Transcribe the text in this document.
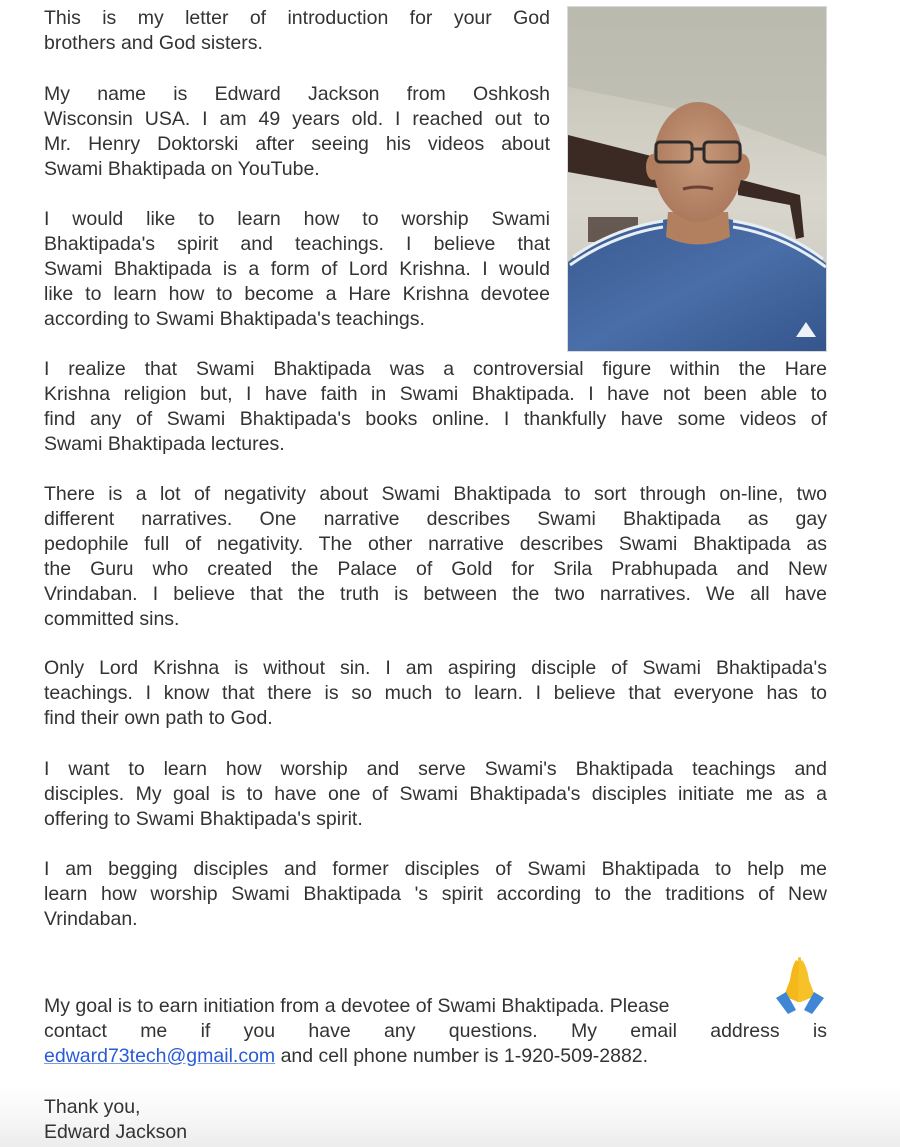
This is my letter of introduction for your God
brothers and God sisters.
My name is Edward Jackson from Oshkosh
Wisconsin USA. I am 49 years old. I reached out to
Mr. Henry Doktorski after seeing his videos about
Swami Bhaktipada on YouTube.
I would like to learn how to worship Swami
Bhaktipada's spirit and teachings. I believe that
Swami Bhaktipada is a form of Lord Krishna. I would
like to learn how to become a Hare Krishna devotee
according to Swami Bhaktipada's teachings.
I realize that Swami Bhaktipada was a controversial figure within the Hare
Krishna religion but, I have faith in Swami Bhaktipada. I have not been able to
find any of Swami Bhaktipada's books online. I thankfully have some videos of
Swami Bhaktipada lectures.
There is a lot of negativity about Swami Bhaktipada to sort through on-line, two
different narratives. One narrative describes Swami Bhaktipada as gay
pedophile full of negativity. The other narrative describes Swami Bhaktipada as
the Guru who created the Palace of Gold for Srila Prabhupada and New
Vrindaban. I believe that the truth is between the two narratives. We all have
committed sins.
Only Lord Krishna is without sin. I am aspiring disciple of Swami Bhaktipada's
teachings. I know that there is so much to learn. I believe that everyone has to
find their own path to God.
I want to learn how worship and serve Swami's Bhaktipada teachings and
disciples. My goal is to have one of Swami Bhaktipada's disciples initiate me as a
offering to Swami Bhaktipada's spirit.
I am begging disciples and former disciples of Swami Bhaktipada to help me
learn how worship Swami Bhaktipada 's spirit according to the traditions of New
Vrindaban.
My goal is to earn initiation from a devotee of Swami Bhaktipada. Please
contact me if you have any questions. My email address is
edward73tech@gmail.com and cell phone number is 1-920-509-2882.
Thank you,
Edward Jackson
